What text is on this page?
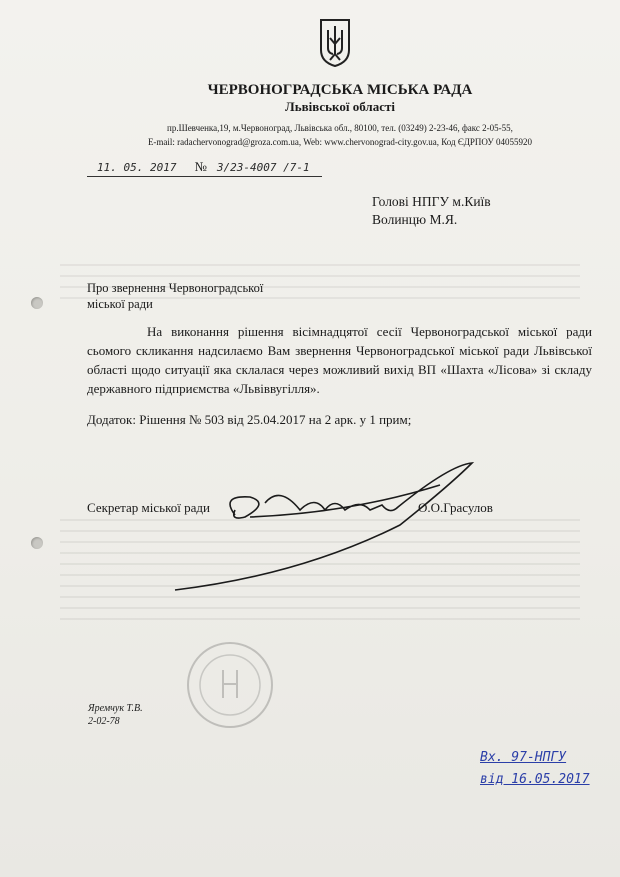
ЧЕРВОНОГРАДСЬКА МІСЬКА РАДА
Львівської області
пр.Шевченка,19, м.Червоноград, Львівська обл., 80100, тел. (03249) 2-23-46, факс 2-05-55,
E-mail: radachervonograd@groza.com.ua, Web: www.chervonograd-city.gov.ua, Код ЄДРПОУ 04055920
11. 05. 2017 № 3/23-4007 /7-1
Голові НПГУ м.Київ
Волинцю М.Я.
Про звернення Червоноградської
міської ради
На виконання рішення вісімнадцятої сесії Червоноградської міської ради сьомого скликання надсилаємо Вам звернення Червоноградської міської ради Львівської області щодо ситуації яка склалася через можливий вихід ВП «Шахта «Лісова» зі складу державного підприємства «Львіввугілля».
Додаток: Рішення № 503 від 25.04.2017 на 2 арк. у 1 прим;
Секретар міської ради	О.О.Грасулов
Яремчук Т.В.
2-02-78
Вх. 97-НПГУ
від 16.05.2017
